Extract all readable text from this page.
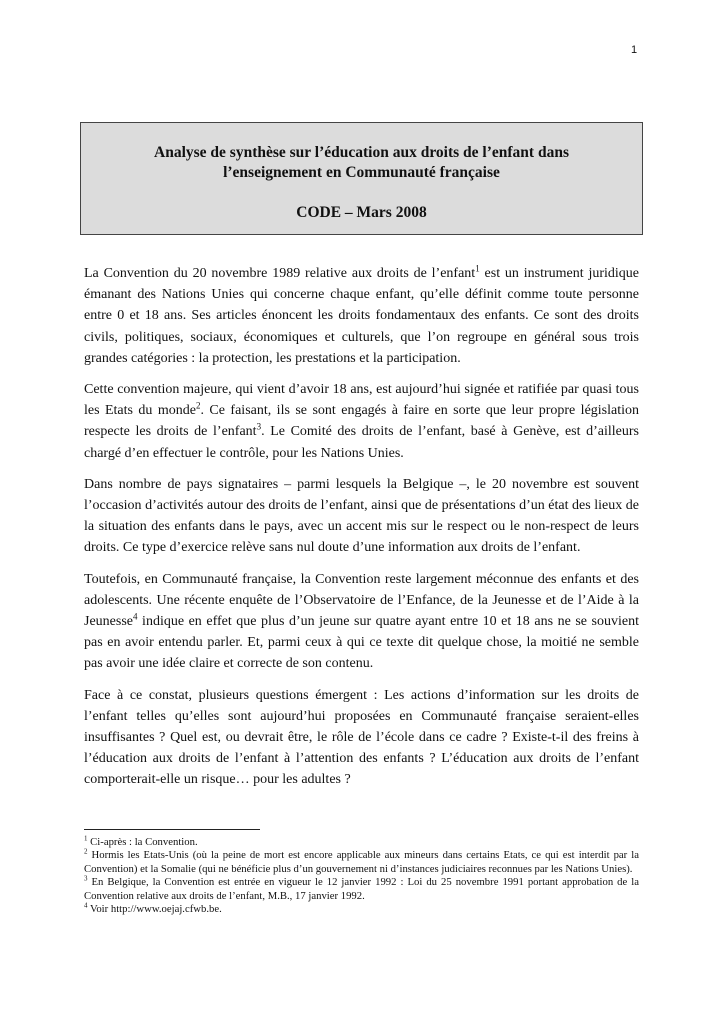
1
Analyse de synthèse sur l’éducation aux droits de l’enfant dans
l’enseignement en Communauté française
CODE – Mars 2008

La Convention du 20 novembre 1989 relative aux droits de l’enfant$^1$ est un instrument juridique émanant des Nations Unies qui concerne chaque enfant, qu’elle définit comme toute personne entre 0 et 18 ans. Ses articles énoncent les droits fondamentaux des enfants. Ce sont des droits civils, politiques, sociaux, économiques et culturels, que l’on regroupe en général sous trois grandes catégories : la protection, les prestations et la participation.

Cette convention majeure, qui vient d’avoir 18 ans, est aujourd’hui signée et ratifiée par quasi tous les Etats du monde$^2$. Ce faisant, ils se sont engagés à faire en sorte que leur propre législation respecte les droits de l’enfant$^3$. Le Comité des droits de l’enfant, basé à Genève, est d’ailleurs chargé d’en effectuer le contrôle, pour les Nations Unies.

Dans nombre de pays signataires – parmi lesquels la Belgique –, le 20 novembre est souvent l’occasion d’activités autour des droits de l’enfant, ainsi que de présentations d’un état des lieux de la situation des enfants dans le pays, avec un accent mis sur le respect ou le non-respect de leurs droits. Ce type d’exercice relève sans nul doute d’une information aux droits de l’enfant.

Toutefois, en Communauté française, la Convention reste largement méconnue des enfants et des adolescents. Une récente enquête de l’Observatoire de l’Enfance, de la Jeunesse et de l’Aide à la Jeunesse$^4$ indique en effet que plus d’un jeune sur quatre ayant entre 10 et 18 ans ne se souvient pas en avoir entendu parler. Et, parmi ceux à qui ce texte dit quelque chose, la moitié ne semble pas avoir une idée claire et correcte de son contenu.

Face à ce constat, plusieurs questions émergent : Les actions d’information sur les droits de l’enfant telles qu’elles sont aujourd’hui proposées en Communauté française seraient-elles insuffisantes ? Quel est, ou devrait être, le rôle de l’école dans ce cadre ? Existe-t-il des freins à l’éducation aux droits de l’enfant à l’attention des enfants ? L’éducation aux droits de l’enfant comporterait-elle un risque… pour les adultes ?

$^1$ Ci-après : la Convention.

$^2$ Hormis les Etats-Unis (où la peine de mort est encore applicable aux mineurs dans certains Etats, ce qui est interdit par la Convention) et la Somalie (qui ne bénéficie plus d’un gouvernement ni d’instances judiciaires reconnues par les Nations Unies).

$^3$ En Belgique, la Convention est entrée en vigueur le 12 janvier 1992 : Loi du 25 novembre 1991 portant approbation de la Convention relative aux droits de l’enfant, M.B., 17 janvier 1992.

$^4$ Voir http://www.oejaj.cfwb.be.
